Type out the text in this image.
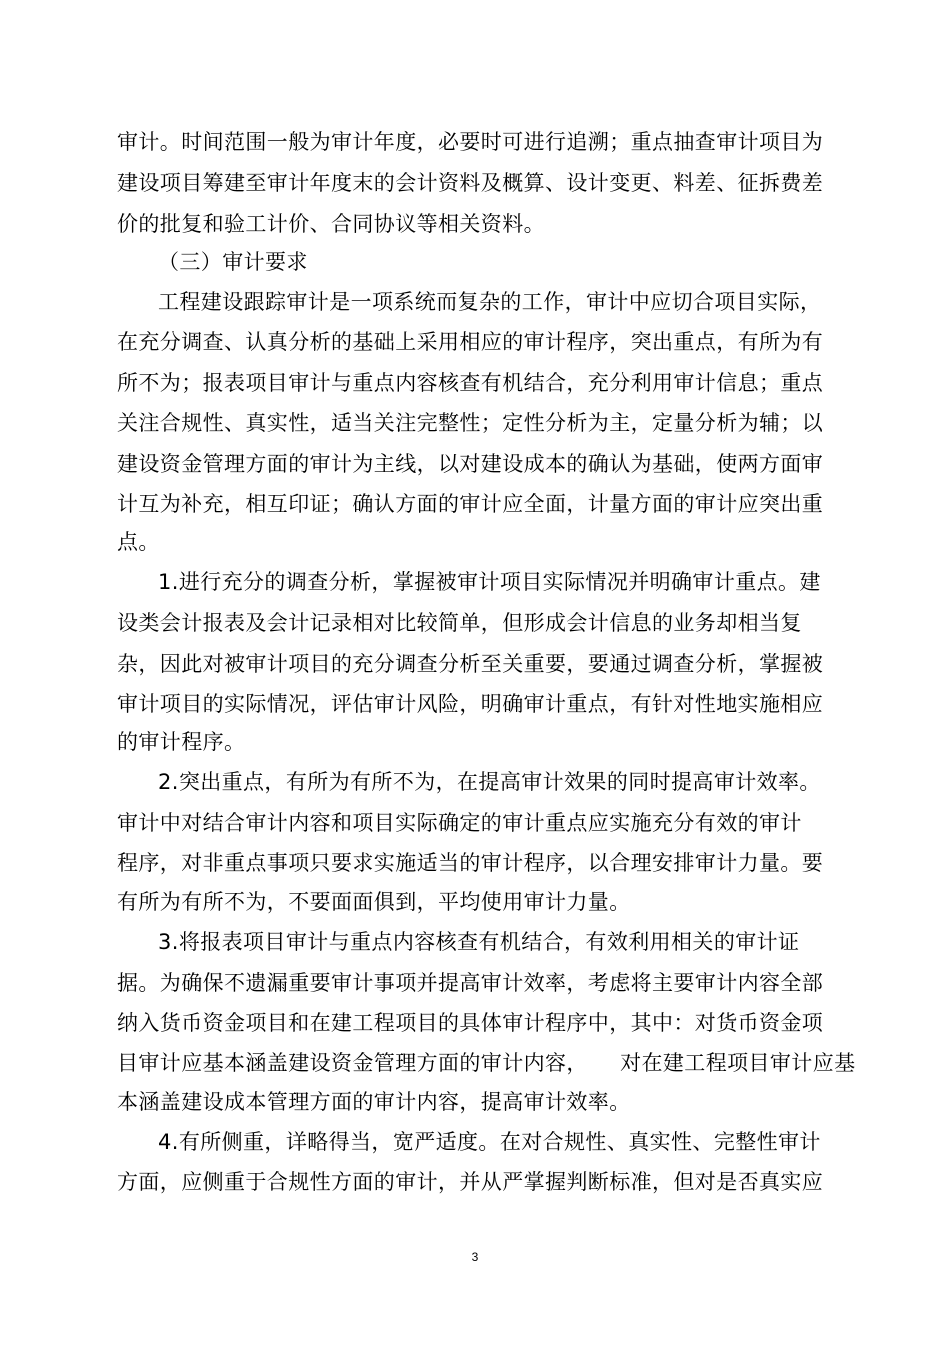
审计。时间范围一般为审计年度，必要时可进行追溯；重点抽查审计项目为

建设项目筹建至审计年度末的会计资料及概算、设计变更、料差、征拆费差

价的批复和验工计价、合同协议等相关资料。

（三）审计要求

工程建设跟踪审计是一项系统而复杂的工作，审计中应切合项目实际，

在充分调查、认真分析的基础上采用相应的审计程序，突出重点，有所为有

所不为；报表项目审计与重点内容核查有机结合，充分利用审计信息；重点

关注合规性、真实性，适当关注完整性；定性分析为主，定量分析为辅；以

建设资金管理方面的审计为主线，以对建设成本的确认为基础，使两方面审

计互为补充，相互印证；确认方面的审计应全面，计量方面的审计应突出重

点。

1.进行充分的调查分析，掌握被审计项目实际情况并明确审计重点。建

设类会计报表及会计记录相对比较简单，但形成会计信息的业务却相当复

杂，因此对被审计项目的充分调查分析至关重要，要通过调查分析，掌握被

审计项目的实际情况，评估审计风险，明确审计重点，有针对性地实施相应

的审计程序。

2.突出重点，有所为有所不为，在提高审计效果的同时提高审计效率。

审计中对结合审计内容和项目实际确定的审计重点应实施充分有效的审计

程序，对非重点事项只要求实施适当的审计程序，以合理安排审计力量。要

有所为有所不为，不要面面俱到，平均使用审计力量。

3.将报表项目审计与重点内容核查有机结合，有效利用相关的审计证

据。为确保不遗漏重要审计事项并提高审计效率，考虑将主要审计内容全部

纳入货币资金项目和在建工程项目的具体审计程序中，其中：对货币资金项

目审计应基本涵盖建设资金管理方面的审计内容，　　对在建工程项目审计应基

本涵盖建设成本管理方面的审计内容，提高审计效率。

4.有所侧重，详略得当，宽严适度。在对合规性、真实性、完整性审计

方面，应侧重于合规性方面的审计，并从严掌握判断标准，但对是否真实应

3
